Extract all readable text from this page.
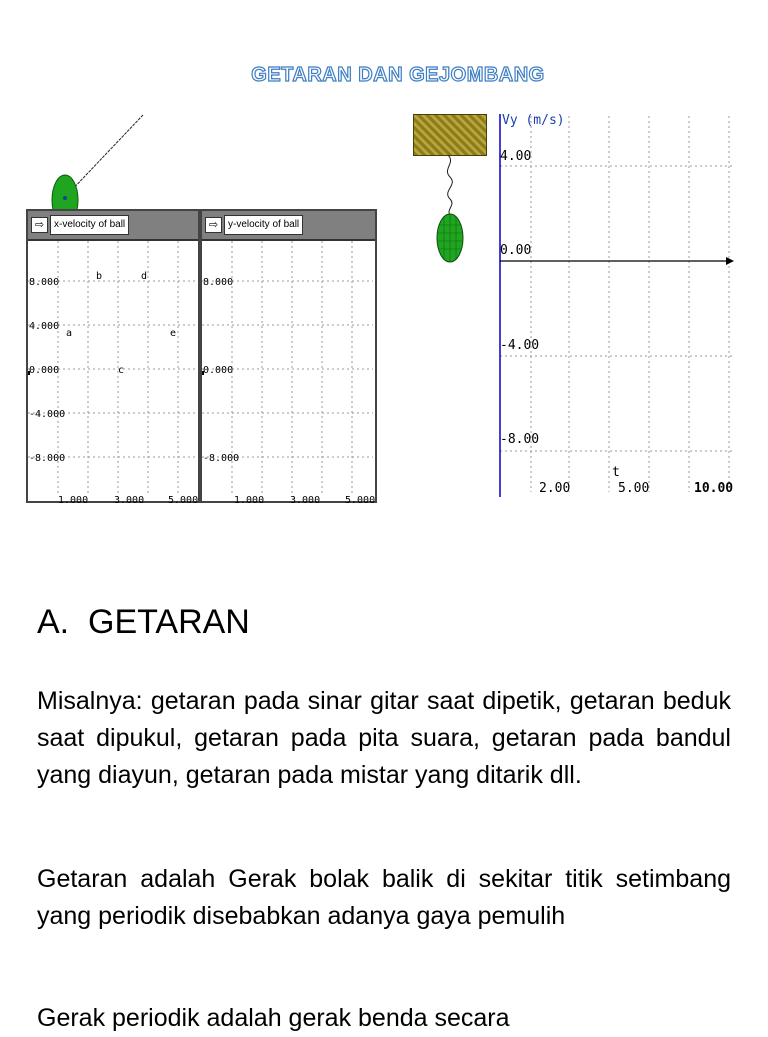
GETARAN DAN GEJOMBANG
⇨ x-velocity of ball
8.000
4.000
0.000
-4.000
-8.000
1.000	3.000 5.000
a
b
c
d
e
⇨ y-velocity of ball
8.000
0.000
-8.000
1.000	3.000 5.000
Vy (m/s)
4.00
0.00
-4.00
-8.00
2.00
t
5.00	10.00
A.  GETARAN

Misalnya: getaran pada sinar gitar saat dipetik, getaran beduk saat dipukul, getaran pada pita suara, getaran pada bandul yang diayun, getaran pada mistar yang ditarik dll.

Getaran adalah Gerak bolak balik di sekitar titik setimbang yang periodik disebabkan adanya gaya pemulih

Gerak periodik adalah gerak benda secara
